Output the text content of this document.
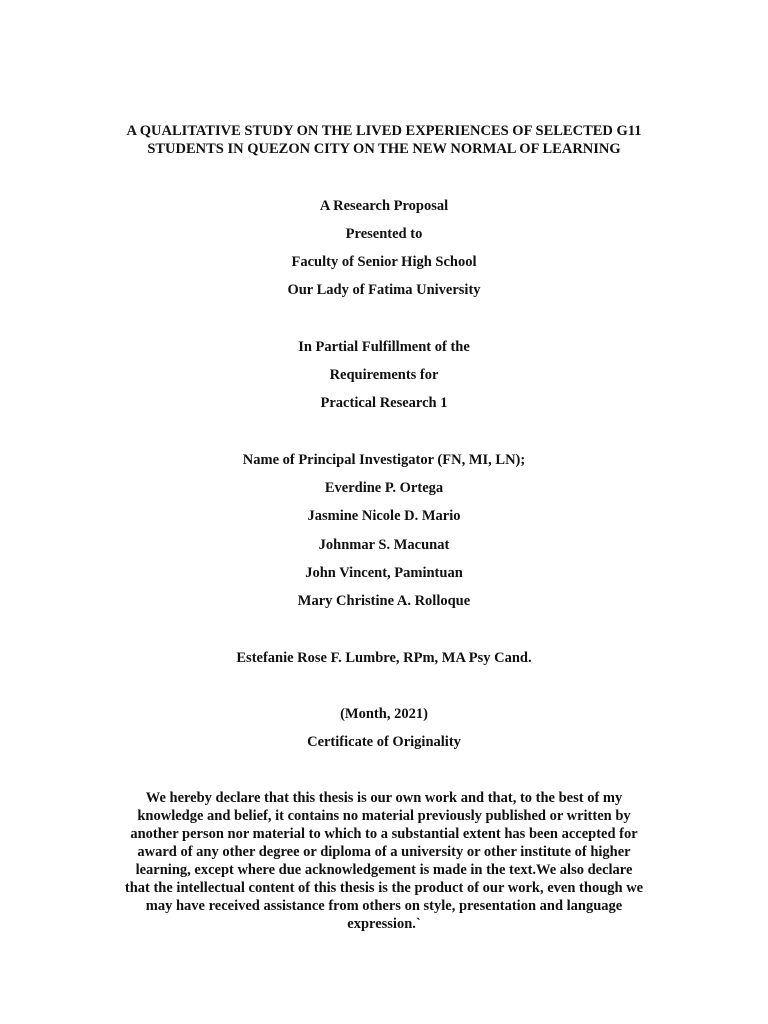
A QUALITATIVE STUDY ON THE LIVED EXPERIENCES OF SELECTED G11
STUDENTS IN QUEZON CITY ON THE NEW NORMAL OF LEARNING
A Research Proposal
Presented to
Faculty of Senior High School
Our Lady of Fatima University
In Partial Fulfillment of the
Requirements for
Practical Research 1
Name of Principal Investigator (FN, MI, LN);
Everdine P. Ortega
Jasmine Nicole D. Mario
Johnmar S. Macunat
John Vincent, Pamintuan
Mary Christine A. Rolloque
Estefanie Rose F. Lumbre, RPm, MA Psy Cand.
(Month, 2021)
Certificate of Originality
We hereby declare that this thesis is our own work and that, to the best of my
knowledge and belief, it contains no material previously published or written by
another person nor material to which to a substantial extent has been accepted for
award of any other degree or diploma of a university or other institute of higher
learning, except where due acknowledgement is made in the text.We also declare
that the intellectual content of this thesis is the product of our work, even though we
may have received assistance from others on style, presentation and language
expression.`
